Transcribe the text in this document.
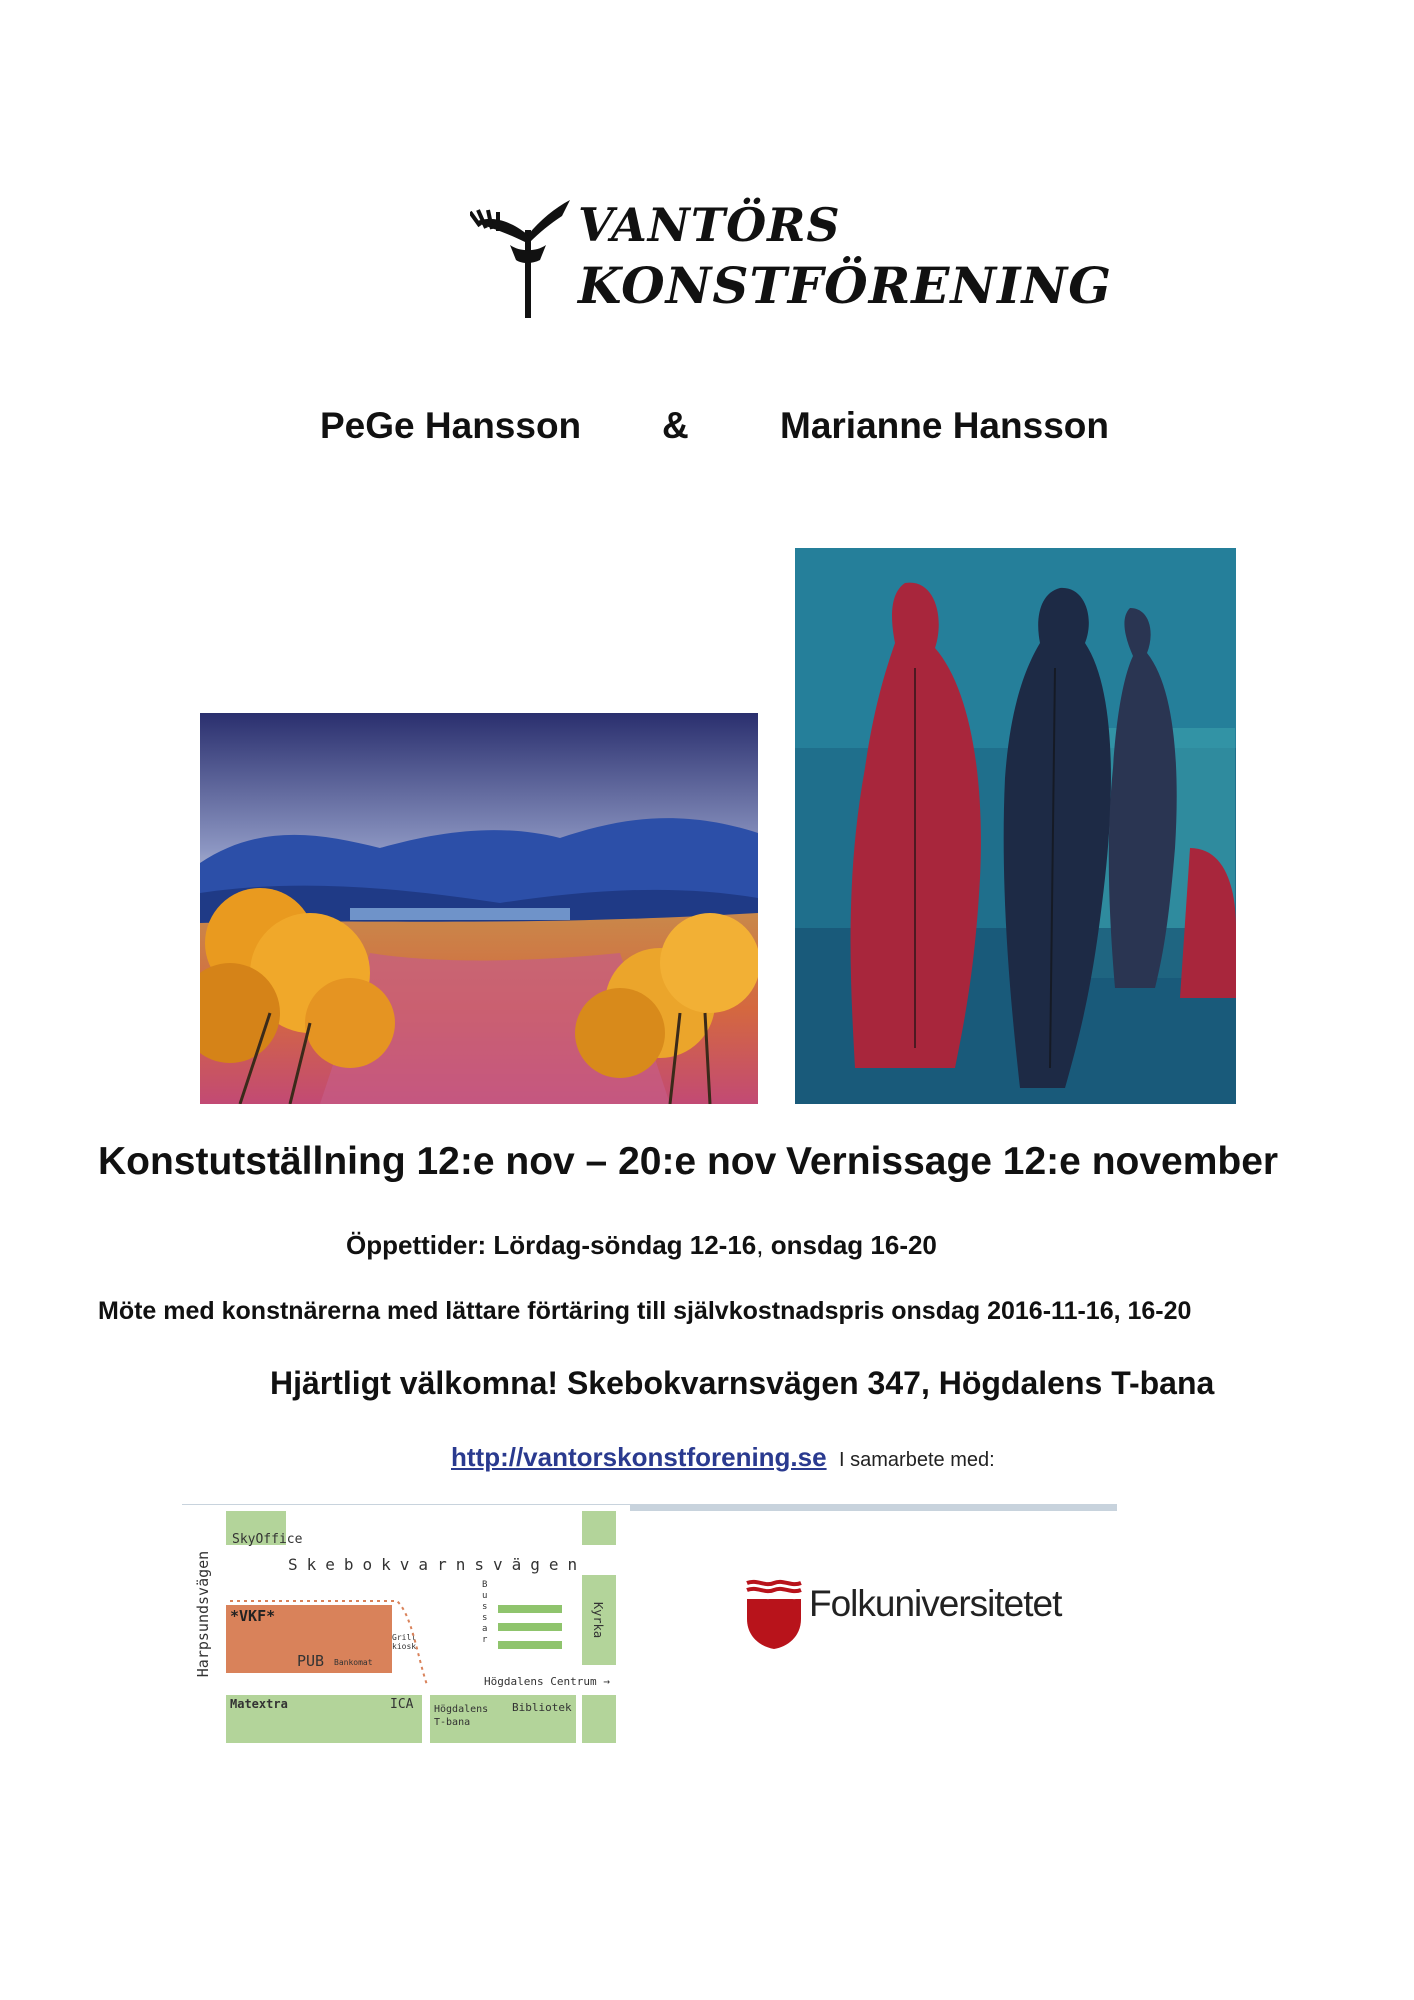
VANTÖRS
KONSTFÖRENING
PeGe Hansson & Marianne Hansson
Konstutställning 12:e nov – 20:e nov Vernissage 12:e november
Öppettider: Lördag-söndag 12-16, onsdag 16-20
Möte med konstnärerna med lättare förtäring till självkostnadspris onsdag 2016-11-16, 16-20
Hjärtligt välkomna! Skebokvarnsvägen 347, Högdalens T-bana
http://vantorskonstforening.se I samarbete med:
SkyOffice
Skebokvarnsvägen
Harpsundsvägen *VKF*
PUB Bankomat
Grill kiosk
Bussar
Kyrka
Högdalens Centrum →
Matextra	ICA Högdalens T-bana
Bibliotek
Folkuniversitetet
